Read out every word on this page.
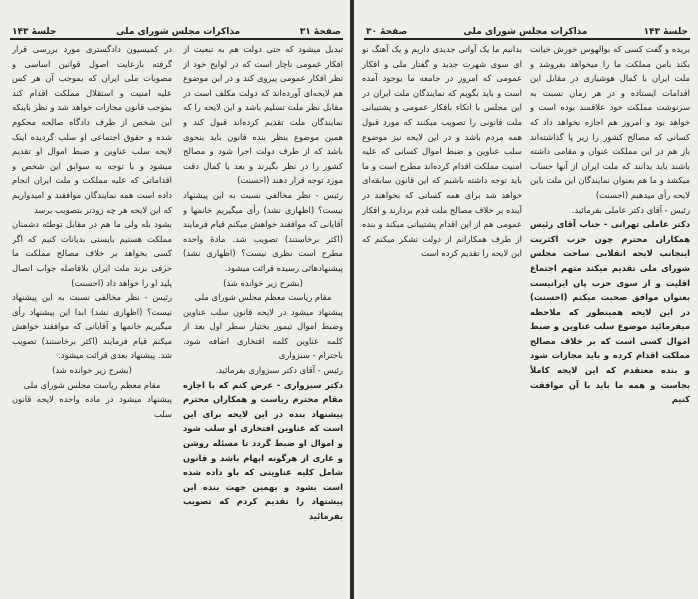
صفحهٔ ۳۱
مذاکرات مجلس شورای ملی
جلسهٔ ۱۴۳

تبدیل میشود که حتی دولت هم به تبعیت از افکار عمومی ناچار است که در لوایح خود از نظر افکار عمومی پیروی کند و در این موضوع هم لایحه‌ای آورده‌اند که دولت مکلف است در مقابل نظر ملت تسلیم باشد و این لایحه را که نمایندگان ملت تقدیم کرده‌اند قبول کند و همین موضوع بنظر بنده قانون باید بنحوی باشد که از طرف دولت اجرا شود و مصالح کشور را در نظر بگیرند و بعد با کمال دقت مورد توجه قرار دهند (احسنت)

رئیس - نظر مخالفی نسبت به این پیشنهاد نیست؟ (اظهاری نشد) رأی میگیریم خانمها و آقایانی که موافقند خواهش میکنم قیام فرمایند (اکثر برخاستند) تصویب شد. مادهٔ واحده مطرح است نظری نیست؟ (اظهاری نشد) پیشنهادهائی رسیده قرائت میشود.

(بشرح زیر خوانده شد)

مقام ریاست معظم مجلس شورای ملی

پیشنهاد میشود در لایحه قانون سلب عناوین وضبط اموال تیمور بختیار سطر اول بعد از کلمه عناوین کلمه افتخاری اضافه شود. باحترام - سبزواری

رئیس - آقای دکتر سبزواری بفرمائید.

دکتر سبزواری - عرض کنم که با اجازه مقام محترم ریاست و همکاران محترم پیشنهاد بنده در این لایحه برای این است که عناوین افتخاری او سلب شود و اموال او ضبط گردد تا مسئله روشن و عاری از هرگونه ابهام باشد و قانون شامل کلیه عناوینی که باو داده شده است بشود و بهمین جهت بنده این پیشنهاد را تقدیم کردم که تصویب بفرمائید

در کمیسیون دادگستری مورد بررسی قرار گرفته بارعایت اصول قوانین اساسی و مصوبات ملی ایران که بموجب آن هر کس علیه امنیت و استقلال مملکت اقدام کند بموجب قانون مجازات خواهد شد و نظر باینکه این شخص از طرف دادگاه صالحه محکوم شده و حقوق اجتماعی او سلب گردیده اینک لایحه سلب عناوین و ضبط اموال او تقدیم میشود و با توجه به سوابق این شخص و اقداماتی که علیه مملکت و ملت ایران انجام داده است همه نمایندگان موافقند و امیدواریم که این لایحه هر چه زودتر بتصویب برسد

بشود بله ولی ما هم در مقابل توطئه دشمنان مملکت هستیم بایستی بدیانات کنیم که اگر کسی بخواهد بر خلاف مصالح مملکت ما حرفی بزند ملت ایران بلافاصله جواب اتصال پلید او را خواهد داد (احسنت)

رئیس - نظر مخالفی نسبت به این پیشنهاد نیست؟ (اظهاری نشد) ابدا این پیشنهاد رأی میگیریم خانمها و آقایانی که موافقند خواهش میکنم قیام فرمایند (اکثر برخاستند) تصویب شد. پیشنهاد بعدی قرائت میشود.

(بشرح زیر خوانده شد)

مقام معظم ریاست مجلس شورای ملی

پیشنهاد میشود در ماده واحده لایحه قانون سلب

جلسهٔ ۱۴۳
مذاکرات مجلس شورای ملی
صفحهٔ ۳۰

بریده و گفت کسی که بوالهوس خورش خیانت بکند بامن مملکت ما را میخواهد بفروشد و ملت ایران با کمال هوشیاری در مقابل این اقدامات ایستاده و در هر زمان نسبت به سرنوشت مملکت خود علاقمند بوده است و خواهد بود و امروز هم اجازه نخواهد داد که کسانی که مصالح کشور را زیر پا گذاشته‌اند باز هم در این مملکت عنوان و مقامی داشته باشند باید بدانند که ملت ایران از آنها حساب میکشد و ما هم بعنوان نمایندگان این ملت باین لایحه رأی میدهیم (احسنت)

رئیس - آقای دکتر عاملی بفرمائید.

دکتر عاملی تهرانی - جناب آقای رئیس همکاران محترم چون حزب اکثریت اینجانب لایحه انقلابی ساحت مجلس شورای ملی تقدیم میکند متهم اجتماع اقلیت و از سوی حزب پان ایرانیست بعنوان موافق صحبت میکنم (احسنت) در این لایحه همینطور که ملاحظه میفرمائید موضوع سلب عناوین و ضبط اموال کسی است که بر خلاف مصالح مملکت اقدام کرده و باید مجازات شود و بنده معتقدم که این لایحه کاملاً بجاست و همه ما باید با آن موافقت کنیم

بدانیم ما یک آواتی جدیدی داریم و یک آهنگ نو ای سوی شهرت جدید و گفتار ملی و افکار عمومی که امروز در جامعه ما بوجود آمده است و باید بگویم که نمایندگان ملت ایران در این مجلس با اتکاء بافکار عمومی و پشتیبانی ملت قانونی را تصویب میکنند که مورد قبول همه مردم باشد و در این لایحه نیز موضوع سلب عناوین و ضبط اموال کسانی که علیه امنیت مملکت اقدام کرده‌اند مطرح است و ما باید توجه داشته باشیم که این قانون سابقه‌ای خواهد شد برای همه کسانی که بخواهند در آینده بر خلاف مصالح ملت قدم بردارند و افکار عمومی هم از این اقدام پشتیبانی میکند و بنده از طرف همکارانم از دولت تشکر میکنم که این لایحه را تقدیم کرده است
